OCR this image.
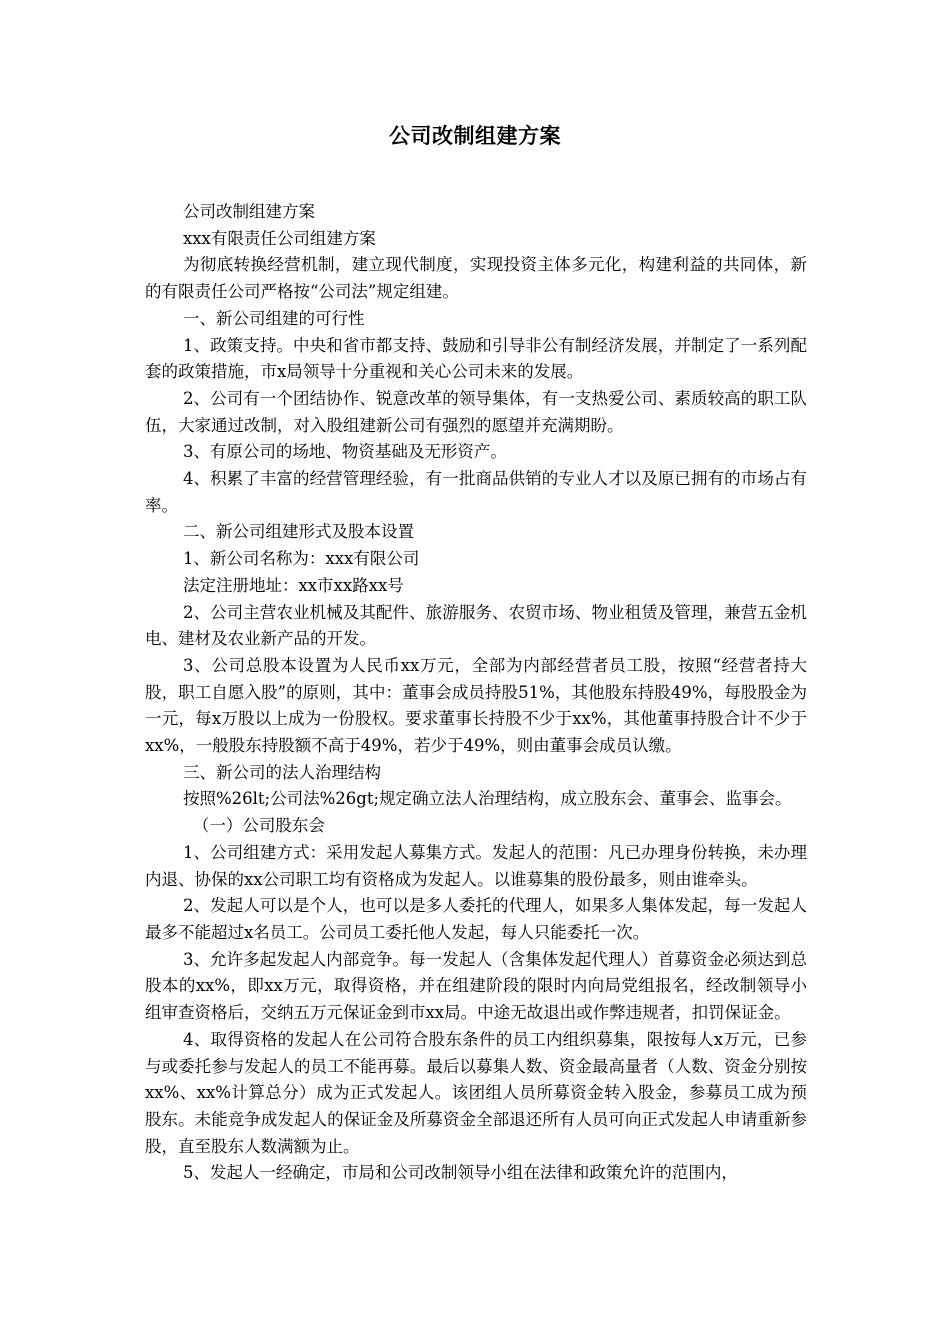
公司改制组建方案

公司改制组建方案

xxx有限责任公司组建方案

为彻底转换经营机制，建立现代制度，实现投资主体多元化，构建利益的共同体，新的有限责任公司严格按“公司法”规定组建。

一、新公司组建的可行性

1、政策支持。中央和省市都支持、鼓励和引导非公有制经济发展，并制定了一系列配套的政策措施，市x局领导十分重视和关心公司未来的发展。

2、公司有一个团结协作、锐意改革的领导集体，有一支热爱公司、素质较高的职工队伍，大家通过改制，对入股组建新公司有强烈的愿望并充满期盼。

3、有原公司的场地、物资基础及无形资产。

4、积累了丰富的经营管理经验，有一批商品供销的专业人才以及原已拥有的市场占有率。

二、新公司组建形式及股本设置

1、新公司名称为：xxx有限公司

法定注册地址：xx市xx路xx号

2、公司主营农业机械及其配件、旅游服务、农贸市场、物业租赁及管理，兼营五金机电、建材及农业新产品的开发。

3、公司总股本设置为人民币xx万元，全部为内部经营者员工股，按照“经营者持大股，职工自愿入股”的原则，其中：董事会成员持股51%，其他股东持股49%，每股股金为一元，每x万股以上成为一份股权。要求董事长持股不少于xx%，其他董事持股合计不少于xx%，一般股东持股额不高于49%，若少于49%，则由董事会成员认缴。

三、新公司的法人治理结构

按照%26lt;公司法%26gt;规定确立法人治理结构，成立股东会、董事会、监事会。

（一）公司股东会

1、公司组建方式：采用发起人募集方式。发起人的范围：凡已办理身份转换，未办理内退、协保的xx公司职工均有资格成为发起人。以谁募集的股份最多，则由谁牵头。

2、发起人可以是个人，也可以是多人委托的代理人，如果多人集体发起，每一发起人最多不能超过x名员工。公司员工委托他人发起，每人只能委托一次。

3、允许多起发起人内部竞争。每一发起人（含集体发起代理人）首募资金必须达到总股本的xx%，即xx万元，取得资格，并在组建阶段的限时内向局党组报名，经改制领导小组审查资格后，交纳五万元保证金到市xx局。中途无故退出或作弊违规者，扣罚保证金。

4、取得资格的发起人在公司符合股东条件的员工内组织募集，限按每人x万元，已参与或委托参与发起人的员工不能再募。最后以募集人数、资金最高量者（人数、资金分别按xx%、xx%计算总分）成为正式发起人。该团组人员所募资金转入股金，参募员工成为预股东。未能竞争成发起人的保证金及所募资金全部退还所有人员可向正式发起人申请重新参股，直至股东人数满额为止。

5、发起人一经确定，市局和公司改制领导小组在法律和政策允许的范围内，
